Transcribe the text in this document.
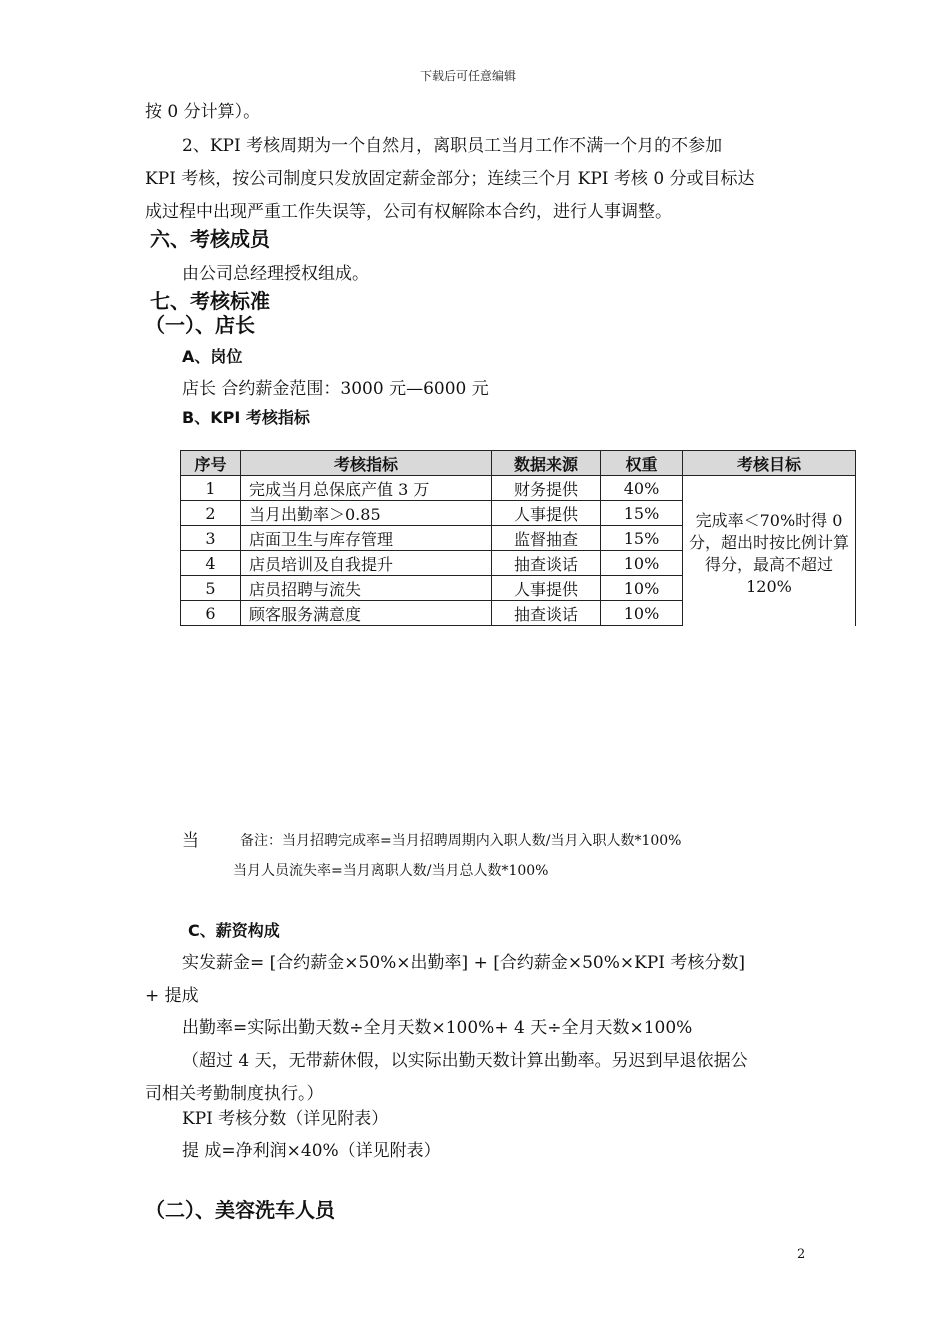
下载后可任意编辑
按 0 分计算）。
2、KPI 考核周期为一个自然月，离职员工当月工作不满一个月的不参加
KPI 考核，按公司制度只发放固定薪金部分；连续三个月 KPI 考核 0 分或目标达
成过程中出现严重工作失误等，公司有权解除本合约，进行人事调整。
六、考核成员
由公司总经理授权组成。
七、考核标准
（一）、店长
A、岗位
店长 合约薪金范围：3000 元—6000 元
B、KPI 考核指标
序号	考核指标	数据来源	权重	考核目标
1	完成当月总保底产值 3 万	财务提供	40%	完成率＜70%时得 0 分，超出时按比例计算得分，最高不超过 120%
2	当月出勤率＞0.85	人事提供	15%	
3	店面卫生与库存管理	监督抽查	15%	
4	店员培训及自我提升	抽查谈话	10%	
5	店员招聘与流失	人事提供	10%	
6	顾客服务满意度	抽查谈话	10%	
当	备注：当月招聘完成率=当月招聘周期内入职人数/当月入职人数*100%
当月人员流失率=当月离职人数/当月总人数*100%
C、薪资构成
实发薪金= [合约薪金×50%×出勤率] + [合约薪金×50%×KPI 考核分数]
+ 提成
出勤率=实际出勤天数÷全月天数×100%+ 4 天÷全月天数×100%
（超过 4 天，无带薪休假，以实际出勤天数计算出勤率。另迟到早退依据公
司相关考勤制度执行。）
KPI 考核分数（详见附表）
提 成=净利润×40%（详见附表）
（二）、美容洗车人员
2
